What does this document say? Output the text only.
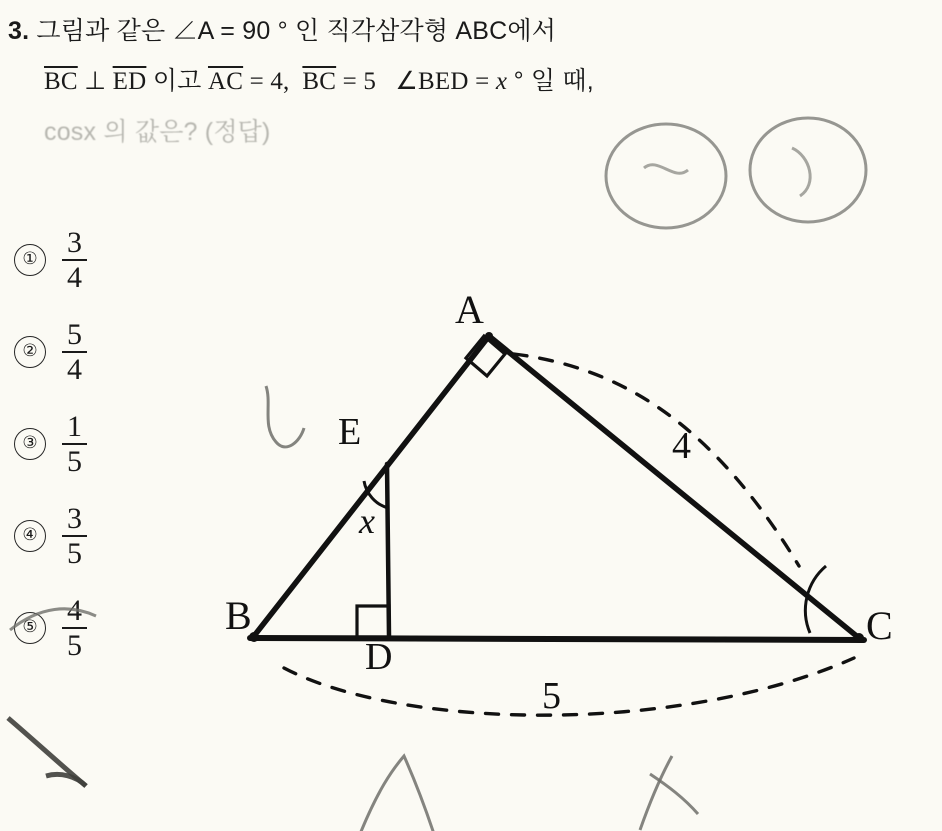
3. 그림과 같은 ∠A = 90 ° 인 직각삼각형 ABC에서
$\overline{BC}$ ⊥ $\overline{ED}$ 이고 $\overline{AC} = 4$, $\overline{BC} = 5$ ∠BED = x ° 일 때,
cosx 의 값은? (정답)
① $\frac{3}{4}$
② $\frac{5}{4}$
③ $\frac{1}{5}$
④ $\frac{3}{5}$
⑤ $\frac{4}{5}$
A
B	C
D
E
x
4
5
